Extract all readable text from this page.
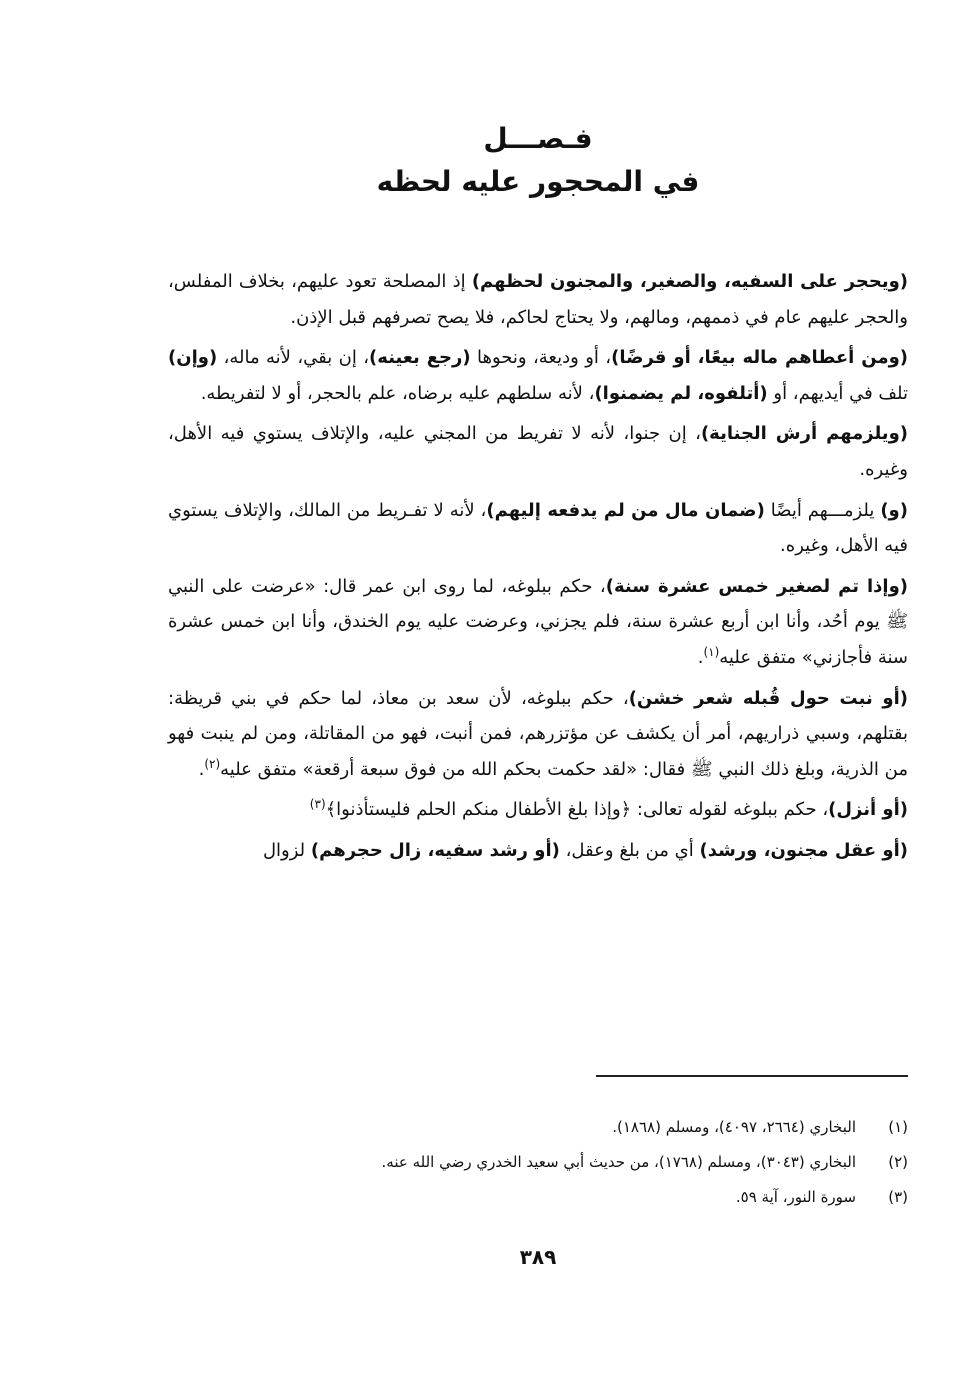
فـصـــل
في المحجور عليه لحظه

(ويحجر على السفيه، والصغير، والمجنون لحظهم) إذ المصلحة تعود عليهم، بخلاف المفلس، والحجر عليهم عام في ذممهم، ومالهم، ولا يحتاج لحاكم، فلا يصح تصرفهم قبل الإذن.

(ومن أعطاهم ماله بيعًا، أو قرضًا)، أو وديعة، ونحوها (رجع بعينه)، إن بقي، لأنه ماله، (وإن) تلف في أيديهم، أو (أتلفوه، لم يضمنوا)، لأنه سلطهم عليه برضاه، علم بالحجر، أو لا لتفريطه.

(ويلزمهم أرش الجناية)، إن جنوا، لأنه لا تفريط من المجني عليه، والإتلاف يستوي فيه الأهل، وغيره.

(و) يلزمـــهم أيضًا (ضمان مال من لم يدفعه إليهم)، لأنه لا تفـريط من المالك، والإتلاف يستوي فيه الأهل، وغيره.

(وإذا تم لصغير خمس عشرة سنة)، حكم ببلوغه، لما روى ابن عمر قال: «عرضت على النبي ﷺ يوم أحُد، وأنا ابن أربع عشرة سنة، فلم يجزني، وعرضت عليه يوم الخندق، وأنا ابن خمس عشرة سنة فأجازني» متفق عليه$^{(١)}$.

(أو نبت حول قُبله شعر خشن)، حكم ببلوغه، لأن سعد بن معاذ، لما حكم في بني قريظة: بقتلهم، وسبي ذراريهم، أمر أن يكشف عن مؤتزرهم، فمن أنبت، فهو من المقاتلة، ومن لم ينبت فهو من الذرية، وبلغ ذلك النبي ﷺ فقال: «لقد حكمت بحكم الله من فوق سبعة أرقعة» متفق عليه$^{(٢)}$.

(أو أنزل)، حكم ببلوغه لقوله تعالى: ﴿وإذا بلغ الأطفال منكم الحلم فليستأذنوا﴾$^{(٣)}$

(أو عقل مجنون، ورشد) أي من بلغ وعقل، (أو رشد سفيه، زال حجرهم) لزوال

(١)
البخاري (٢٦٦٤، ٤٠٩٧)، ومسلم (١٨٦٨).
(٢)
البخاري (٣٠٤٣)، ومسلم (١٧٦٨)، من حديث أبي سعيد الخدري رضي الله عنه.
(٣)
سورة النور، آية ٥٩.
٣٨٩
